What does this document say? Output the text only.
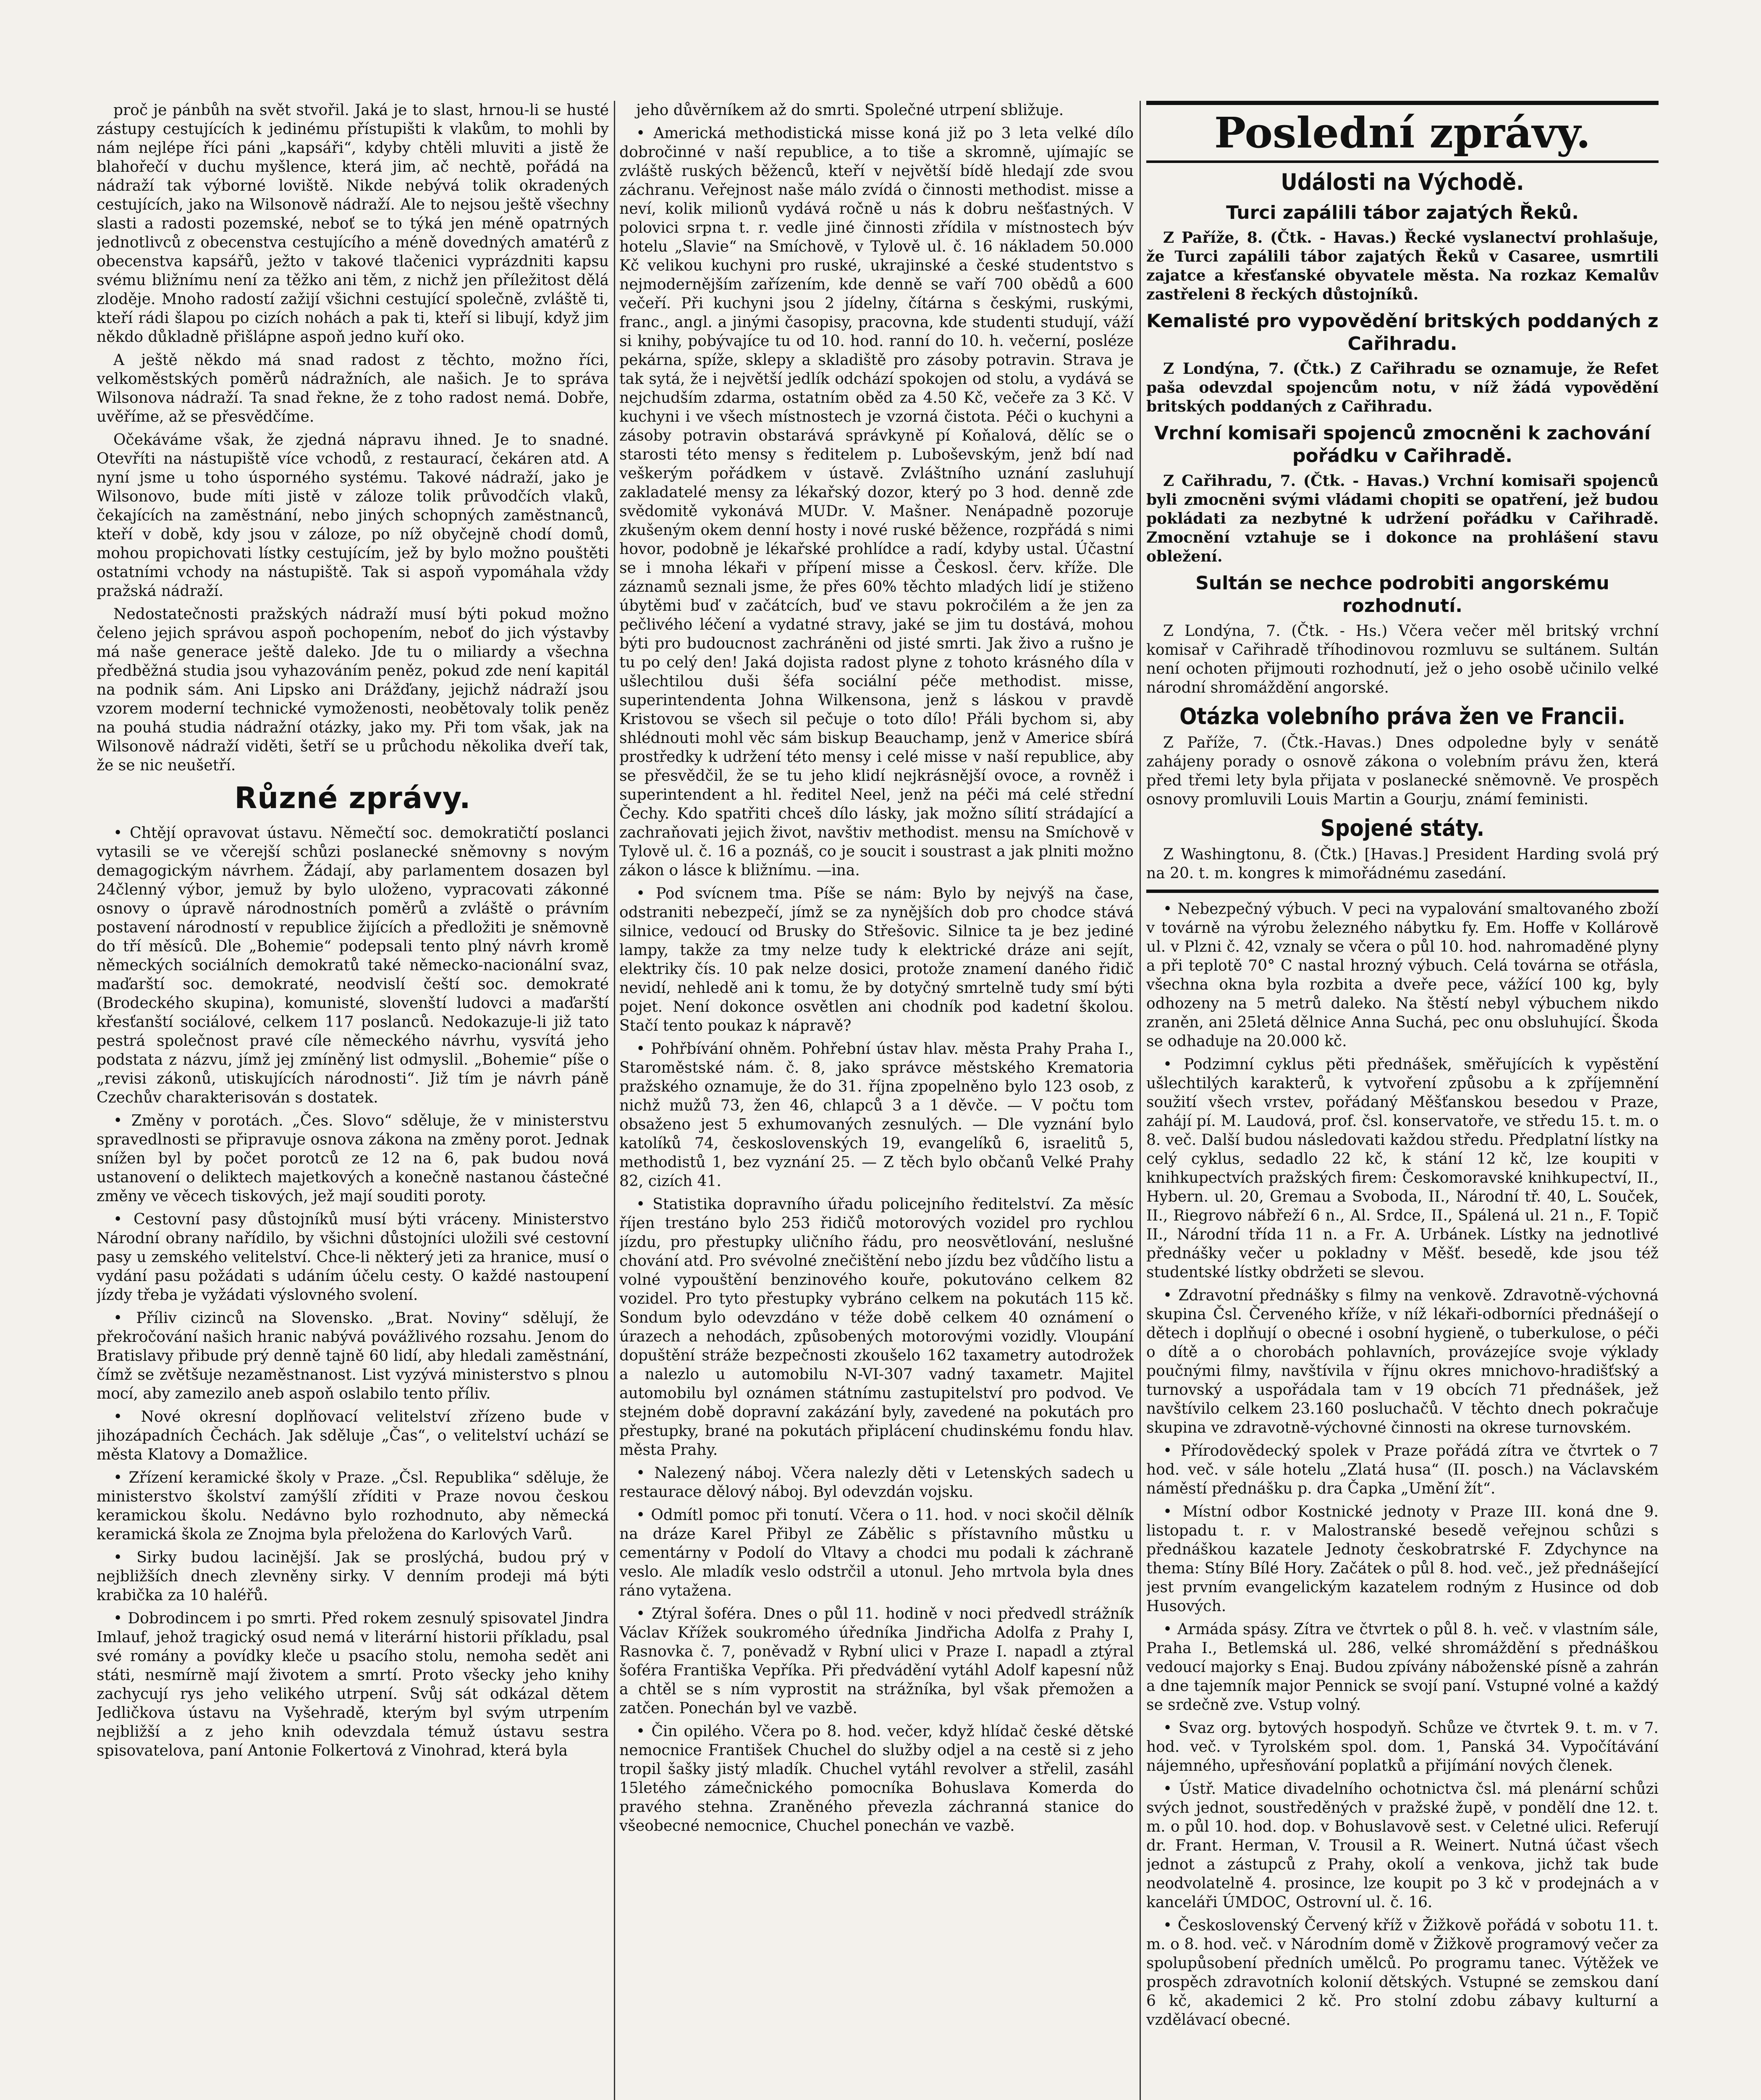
proč je pánbůh na svět stvořil. Jaká je to slast, hrnou-li se husté zástupy cestujících k jedinému přístupišti k vlakům, to mohli by nám nejlépe říci páni „kapsáři“, kdyby chtěli mluviti a jistě že blahořečí v duchu myšlence, která jim, ač nechtě, pořádá na nádraží tak výborné loviště. Nikde nebývá tolik okradených cestujících, jako na Wilsonově nádraží. Ale to nejsou ještě všechny slasti a radosti pozemské, neboť se to týká jen méně opatrných jednotlivců z obecenstva cestujícího a méně dovedných amatérů z obecenstva kapsářů, ježto v takové tlačenici vyprázdniti kapsu svému bližnímu není za těžko ani těm, z nichž jen příležitost dělá zloděje. Mnoho radostí zažijí všichni cestující společně, zvláště ti, kteří rádi šlapou po cizích nohách a pak ti, kteří si libují, když jim někdo důkladně přišlápne aspoň jedno kuří oko.

A ještě někdo má snad radost z těchto, možno říci, velkoměstských poměrů nádražních, ale našich. Je to správa Wilsonova nádraží. Ta snad řekne, že z toho radost nemá. Dobře, uvěříme, až se přesvědčíme.

Očekáváme však, že zjedná nápravu ihned. Je to snadné. Otevříti na nástupiště více vchodů, z restaurací, čekáren atd. A nyní jsme u toho úsporného systému. Takové nádraží, jako je Wilsonovo, bude míti jistě v záloze tolik průvodčích vlaků, čekajících na zaměstnání, nebo jiných schopných zaměstnanců, kteří v době, kdy jsou v záloze, po níž obyčejně chodí domů, mohou propichovati lístky cestujícím, jež by bylo možno pouštěti ostatními vchody na nástupiště. Tak si aspoň vypomáhala vždy pražská nádraží.

Nedostatečnosti pražských nádraží musí býti pokud možno čeleno jejich správou aspoň pochopením, neboť do jich výstavby má naše generace ještě daleko. Jde tu o miliardy a všechna předběžná studia jsou vyhazováním peněz, pokud zde není kapitál na podnik sám. Ani Lipsko ani Drážďany, jejichž nádraží jsou vzorem moderní technické vymoženosti, neobětovaly tolik peněz na pouhá studia nádražní otázky, jako my. Při tom však, jak na Wilsonově nádraží viděti, šetří se u průchodu několika dveří tak, že se nic neušetří.

Různé zprávy.

• Chtějí opravovat ústavu. Němečtí soc. demokratičtí poslanci vytasili se ve včerejší schůzi poslanecké sněmovny s novým demagogickým návrhem. Žádají, aby parlamentem dosazen byl 24členný výbor, jemuž by bylo uloženo, vypracovati zákonné osnovy o úpravě národnostních poměrů a zvláště o právním postavení národností v republice žijících a předložiti je sněmovně do tří měsíců. Dle „Bohemie“ podepsali tento plný návrh kromě německých sociálních demokratů také německo-nacionální svaz, maďarští soc. demokraté, neodvislí čeští soc. demokraté (Brodeckého skupina), komunisté, slovenští ludovci a maďarští křesťanští sociálové, celkem 117 poslanců. Nedokazuje-li již tato pestrá společnost pravé cíle německého návrhu, vysvítá jeho podstata z názvu, jímž jej zmíněný list odmyslil. „Bohemie“ píše o „revisi zákonů, utiskujících národnosti“. Již tím je návrh páně Czechův charakterisován s dostatek.

• Změny v porotách. „Čes. Slovo“ sděluje, že v ministerstvu spravedlnosti se připravuje osnova zákona na změny porot. Jednak snížen byl by počet porotců ze 12 na 6, pak budou nová ustanovení o deliktech majetkových a konečně nastanou částečné změny ve věcech tiskových, jež mají souditi poroty.

• Cestovní pasy důstojníků musí býti vráceny. Ministerstvo Národní obrany nařídilo, by všichni důstojníci uložili své cestovní pasy u zemského velitelství. Chce-li některý jeti za hranice, musí o vydání pasu požádati s udáním účelu cesty. O každé nastoupení jízdy třeba je vyžádati výslovného svolení.

• Příliv cizinců na Slovensko. „Brat. Noviny“ sdělují, že překročování našich hranic nabývá povážlivého rozsahu. Jenom do Bratislavy přibude prý denně tajně 60 lidí, aby hledali zaměstnání, čímž se zvětšuje nezaměstnanost. List vyzývá ministerstvo s plnou mocí, aby zamezilo aneb aspoň oslabilo tento příliv.

• Nové okresní doplňovací velitelství zřízeno bude v jihozápadních Čechách. Jak sděluje „Čas“, o velitelství uchází se města Klatovy a Domažlice.

• Zřízení keramické školy v Praze. „Čsl. Republika“ sděluje, že ministerstvo školství zamýšlí zříditi v Praze novou českou keramickou školu. Nedávno bylo rozhodnuto, aby německá keramická škola ze Znojma byla přeložena do Karlových Varů.

• Sirky budou lacinější. Jak se proslýchá, budou prý v nejbližších dnech zlevněny sirky. V denním prodeji má býti krabička za 10 haléřů.

• Dobrodincem i po smrti. Před rokem zesnulý spisovatel Jindra Imlauf, jehož tragický osud nemá v literární historii příkladu, psal své romány a povídky kleče u psacího stolu, nemoha sedět ani státi, nesmírně mají životem a smrtí. Proto všecky jeho knihy zachycují rys jeho velikého utrpení. Svůj sát odkázal dětem Jedličkova ústavu na Vyšehradě, kterým byl svým utrpením nejbližší a z jeho knih odevzdala témuž ústavu sestra spisovatelova, paní Antonie Folkertová z Vinohrad, která byla

jeho důvěrníkem až do smrti. Společné utrpení sbližuje.

• Americká methodistická misse koná již po 3 leta velké dílo dobročinné v naší republice, a to tiše a skromně, ujímajíc se zvláště ruských běženců, kteří v největší bídě hledají zde svou záchranu. Veřejnost naše málo zvídá o činnosti methodist. misse a neví, kolik milionů vydává ročně u nás k dobru nešťastných. V polovici srpna t. r. vedle jiné činnosti zřídila v místnostech býv hotelu „Slavie“ na Smíchově, v Tylově ul. č. 16 nákladem 50.000 Kč velikou kuchyni pro ruské, ukrajinské a české studentstvo s nejmodernějším zařízením, kde denně se vaří 700 obědů a 600 večeří. Při kuchyni jsou 2 jídelny, čítárna s českými, ruskými, franc., angl. a jinými časopisy, pracovna, kde studenti studují, váží si knihy, pobývajíce tu od 10. hod. ranní do 10. h. večerní, posléze pekárna, spíže, sklepy a skladiště pro zásoby potravin. Strava je tak sytá, že i největší jedlík odchází spokojen od stolu, a vydává se nejchudším zdarma, ostatním oběd za 4.50 Kč, večeře za 3 Kč. V kuchyni i ve všech místnostech je vzorná čistota. Péči o kuchyni a zásoby potravin obstarává správkyně pí Koňalová, dělíc se o starosti této mensy s ředitelem p. Luboševským, jenž bdí nad veškerým pořádkem v ústavě. Zvláštního uznání zasluhují zakladatelé mensy za lékařský dozor, který po 3 hod. denně zde svědomitě vykonává MUDr. V. Mašner. Nenápadně pozoruje zkušeným okem denní hosty i nové ruské běžence, rozpřádá s nimi hovor, podobně je lékařské prohlídce a radí, kdyby ustal. Účastní se i mnoha lékaři v přípení misse a Českosl. červ. kříže. Dle záznamů seznali jsme, že přes 60% těchto mladých lidí je stiženo úbytěmi buď v začátcích, buď ve stavu pokročilém a že jen za pečlivého léčení a vydatné stravy, jaké se jim tu dostává, mohou býti pro budoucnost zachráněni od jisté smrti. Jak živo a rušno je tu po celý den! Jaká dojista radost plyne z tohoto krásného díla v ušlechtilou duši šéfa sociální péče methodist. misse, superintendenta Johna Wilkensona, jenž s láskou v pravdě Kristovou se všech sil pečuje o toto dílo! Přáli bychom si, aby shlédnouti mohl věc sám biskup Beauchamp, jenž v Americe sbírá prostředky k udržení této mensy i celé misse v naší republice, aby se přesvědčil, že se tu jeho klidí nejkrásnější ovoce, a rovněž i superintendent a hl. ředitel Neel, jenž na péči má celé střední Čechy. Kdo spatřiti chceš dílo lásky, jak možno sílití strádající a zachraňovati jejich život, navštiv methodist. mensu na Smíchově v Tylově ul. č. 16 a poznáš, co je soucit i soustrast a jak plniti možno zákon o lásce k bližnímu. —ina.

• Pod svícnem tma. Píše se nám: Bylo by nejvýš na čase, odstraniti nebezpečí, jímž se za nynějších dob pro chodce stává silnice, vedoucí od Brusky do Střešovic. Silnice ta je bez jediné lampy, takže za tmy nelze tudy k elektrické dráze ani sejít, elektriky čís. 10 pak nelze dosici, protože znamení daného řidič nevidí, nehledě ani k tomu, že by dotyčný smrtelně tudy smí býti pojet. Není dokonce osvětlen ani chodník pod kadetní školou. Stačí tento poukaz k nápravě?

• Pohřbívání ohněm. Pohřební ústav hlav. města Prahy Praha I., Staroměstské nám. č. 8, jako správce městského Krematoria pražského oznamuje, že do 31. října zpopelněno bylo 123 osob, z nichž mužů 73, žen 46, chlapců 3 a 1 děvče. — V počtu tom obsaženo jest 5 exhumovaných zesnulých. — Dle vyznání bylo katolíků 74, československých 19, evangelíků 6, israelitů 5, methodistů 1, bez vyznání 25. — Z těch bylo občanů Velké Prahy 82, cizích 41.

• Statistika dopravního úřadu policejního ředitelství. Za měsíc říjen trestáno bylo 253 řidičů motorových vozidel pro rychlou jízdu, pro přestupky uličního řádu, pro neosvětlování, neslušné chování atd. Pro svévolné znečištění nebo jízdu bez vůdčího listu a volné vypouštění benzinového kouře, pokutováno celkem 82 vozidel. Pro tyto přestupky vybráno celkem na pokutách 115 kč. Sondum bylo odevzdáno v téže době celkem 40 oznámení o úrazech a nehodách, způsobených motorovými vozidly. Vloupání dopuštění stráže bezpečnosti zkoušelo 162 taxametry autodrožek a nalezlo u automobilu N-VI-307 vadný taxametr. Majitel automobilu byl oznámen státnímu zastupitelství pro podvod. Ve stejném době dopravní zakázání byly, zavedené na pokutách pro přestupky, brané na pokutách připlácení chudinskému fondu hlav. města Prahy.

• Nalezený náboj. Včera nalezly děti v Letenských sadech u restaurace dělový náboj. Byl odevzdán vojsku.

• Odmítl pomoc při tonutí. Včera o 11. hod. v noci skočil dělník na dráze Karel Přibyl ze Zábělic s přístavního můstku u cementárny v Podolí do Vltavy a chodci mu podali k záchraně veslo. Ale mladík veslo odstrčil a utonul. Jeho mrtvola byla dnes ráno vytažena.

• Ztýral šoféra. Dnes o půl 11. hodině v noci předvedl strážník Václav Křížek soukromého úředníka Jindřicha Adolfa z Prahy I, Rasnovka č. 7, poněvadž v Rybní ulici v Praze I. napadl a ztýral šoféra Františka Vepříka. Při předvádění vytáhl Adolf kapesní nůž a chtěl se s ním vyprostit na strážníka, byl však přemožen a zatčen. Ponechán byl ve vazbě.

• Čin opilého. Včera po 8. hod. večer, když hlídač české dětské nemocnice František Chuchel do služby odjel a na cestě si z jeho tropil šašky jistý mladík. Chuchel vytáhl revolver a střelil, zasáhl 15letého zámečnického pomocníka Bohuslava Komerda do pravého stehna. Zraněného převezla záchranná stanice do všeobecné nemocnice, Chuchel ponechán ve vazbě.

Poslední zprávy.
Události na Východě.
Turci zapálili tábor zajatých Řeků.

Z Paříže, 8. (Čtk. - Havas.) Řecké vyslanectví prohlašuje, že Turci zapálili tábor zajatých Řeků v Casaree, usmrtili zajatce a křesťanské obyvatele města. Na rozkaz Kemalův zastřeleni 8 řeckých důstojníků.

Kemalisté pro vypovědění britských poddaných z Cařihradu.

Z Londýna, 7. (Čtk.) Z Cařihradu se oznamuje, že Refet paša odevzdal spojencům notu, v níž žádá vypovědění britských poddaných z Cařihradu.

Vrchní komisaři spojenců zmocněni k zachování pořádku v Cařihradě.

Z Cařihradu, 7. (Čtk. - Havas.) Vrchní komisaři spojenců byli zmocněni svými vládami chopiti se opatření, jež budou pokládati za nezbytné k udržení pořádku v Cařihradě. Zmocnění vztahuje se i dokonce na prohlášení stavu obležení.

Sultán se nechce podrobiti angorskému rozhodnutí.

Z Londýna, 7. (Čtk. - Hs.) Včera večer měl britský vrchní komisař v Cařihradě tříhodinovou rozmluvu se sultánem. Sultán není ochoten přijmouti rozhodnutí, jež o jeho osobě učinilo velké národní shromáždění angorské.

Otázka volebního práva žen ve Francii.

Z Paříže, 7. (Čtk.-Havas.) Dnes odpoledne byly v senátě zahájeny porady o osnově zákona o volebním právu žen, která před třemi lety byla přijata v poslanecké sněmovně. Ve prospěch osnovy promluvili Louis Martin a Gourju, známí feministi.

Spojené státy.

Z Washingtonu, 8. (Čtk.) [Havas.] President Harding svolá prý na 20. t. m. kongres k mimořádnému zasedání.

• Nebezpečný výbuch. V peci na vypalování smaltovaného zboží v továrně na výrobu železného nábytku fy. Em. Hoffe v Kollárově ul. v Plzni č. 42, vznaly se včera o půl 10. hod. nahromaděné plyny a při teplotě 70° C nastal hrozný výbuch. Celá továrna se otřásla, všechna okna byla rozbita a dveře pece, vážící 100 kg, byly odhozeny na 5 metrů daleko. Na štěstí nebyl výbuchem nikdo zraněn, ani 25letá dělnice Anna Suchá, pec onu obsluhující. Škoda se odhaduje na 20.000 kč.

• Podzimní cyklus pěti přednášek, směřujících k vypěstění ušlechtilých karakterů, k vytvoření způsobu a k zpříjemnění soužití všech vrstev, pořádaný Měšťanskou besedou v Praze, zahájí pí. M. Laudová, prof. čsl. konservatoře, ve středu 15. t. m. o 8. več. Další budou následovati každou středu. Předplatní lístky na celý cyklus, sedadlo 22 kč, k stání 12 kč, lze koupiti v knihkupectvích pražských firem: Českomoravské knihkupectví, II., Hybern. ul. 20, Gremau a Svoboda, II., Národní tř. 40, L. Souček, II., Riegrovo nábřeží 6 n., Al. Srdce, II., Spálená ul. 21 n., F. Topič II., Národní třída 11 n. a Fr. A. Urbánek. Lístky na jednotlivé přednášky večer u pokladny v Měšť. besedě, kde jsou též studentské lístky obdržeti se slevou.

• Zdravotní přednášky s filmy na venkově. Zdravotně-výchovná skupina Čsl. Červeného kříže, v níž lékaři-odborníci přednášejí o dětech i doplňují o obecné i osobní hygieně, o tuberkulose, o péči o dítě a o chorobách pohlavních, provázejíce svoje výklady poučnými filmy, navštívila v říjnu okres mnichovo-hradišťský a turnovský a uspořádala tam v 19 obcích 71 přednášek, jež navštívilo celkem 23.160 posluchačů. V těchto dnech pokračuje skupina ve zdravotně-výchovné činnosti na okrese turnovském.

• Přírodovědecký spolek v Praze pořádá zítra ve čtvrtek o 7 hod. več. v sále hotelu „Zlatá husa“ (II. posch.) na Václavském náměstí přednášku p. dra Čapka „Umění žít“.

• Místní odbor Kostnické jednoty v Praze III. koná dne 9. listopadu t. r. v Malostranské besedě veřejnou schůzi s přednáškou kazatele Jednoty českobratrské F. Zdychynce na thema: Stíny Bílé Hory. Začátek o půl 8. hod. več., jež přednášející jest prvním evangelickým kazatelem rodným z Husince od dob Husových.

• Armáda spásy. Zítra ve čtvrtek o půl 8. h. več. v vlastním sále, Praha I., Betlemská ul. 286, velké shromáždění s přednáškou vedoucí majorky s Enaj. Budou zpívány náboženské písně a zahrán a dne tajemník major Pennick se svojí paní. Vstupné volné a každý se srdečně zve. Vstup volný.

• Svaz org. bytových hospodyň. Schůze ve čtvrtek 9. t. m. v 7. hod. več. v Tyrolském spol. dom. 1, Panská 34. Vypočítávání nájemného, upřesňování poplatků a přijímání nových členek.

• Ústř. Matice divadelního ochotnictva čsl. má plenární schůzi svých jednot, soustředěných v pražské župě, v pondělí dne 12. t. m. o půl 10. hod. dop. v Bohuslavově sest. v Celetné ulici. Referují dr. Frant. Herman, V. Trousil a R. Weinert. Nutná účast všech jednot a zástupců z Prahy, okolí a venkova, jichž tak bude neodvolatelně 4. prosince, lze koupit po 3 kč v prodejnách a v kanceláři ÚMDOC, Ostrovní ul. č. 16.

• Československý Červený kříž v Žižkově pořádá v sobotu 11. t. m. o 8. hod. več. v Národním domě v Žižkově programový večer za spolupůsobení předních umělců. Po programu tanec. Výtěžek ve prospěch zdravotních kolonií dětských. Vstupné se zemskou daní 6 kč, akademici 2 kč. Pro stolní zdobu zábavy kulturní a vzdělávací obecné.
